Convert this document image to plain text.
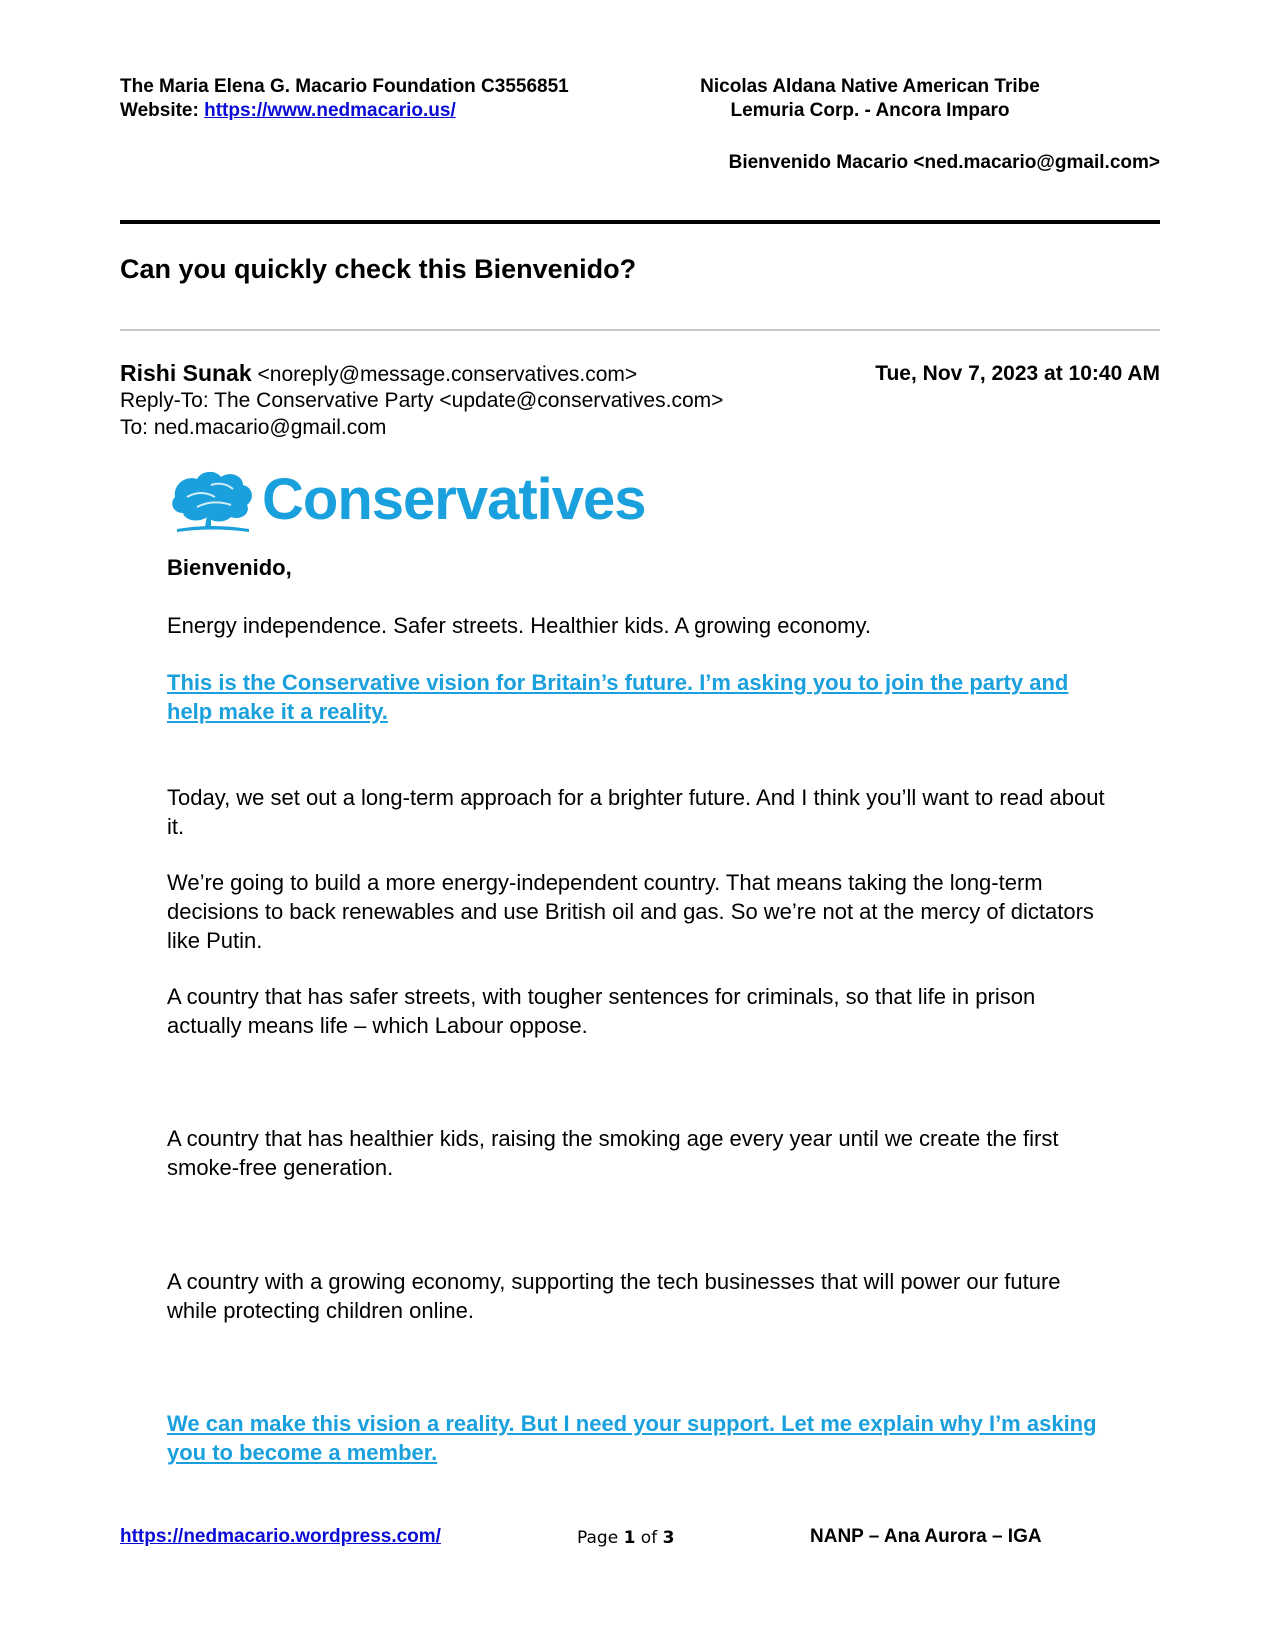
The Maria Elena G. Macario Foundation C3556851
Website: https://www.nedmacario.us/
Nicolas Aldana Native American Tribe
Lemuria Corp. - Ancora Imparo
Bienvenido Macario <ned.macario@gmail.com>
Can you quickly check this Bienvenido?
Rishi Sunak <noreply@message.conservatives.com>	Tue, Nov 7, 2023 at 10:40 AM
Reply-To: The Conservative Party <update@conservatives.com>
To: ned.macario@gmail.com
Conservatives
Bienvenido,
Energy independence. Safer streets. Healthier kids. A growing economy.
This is the Conservative vision for Britain’s future. I’m asking you to join the party and help make it a reality.
Today, we set out a long-term approach for a brighter future. And I think you’ll want to read about it.
We’re going to build a more energy-independent country. That means taking the long-term decisions to back renewables and use British oil and gas. So we’re not at the mercy of dictators like Putin.
A country that has safer streets, with tougher sentences for criminals, so that life in prison actually means life – which Labour oppose.
A country that has healthier kids, raising the smoking age every year until we create the first smoke-free generation.
A country with a growing economy, supporting the tech businesses that will power our future while protecting children online.
We can make this vision a reality. But I need your support. Let me explain why I’m asking you to become a member.
https://nedmacario.wordpress.com/	Page 1 of 3	NANP – Ana Aurora – IGA
